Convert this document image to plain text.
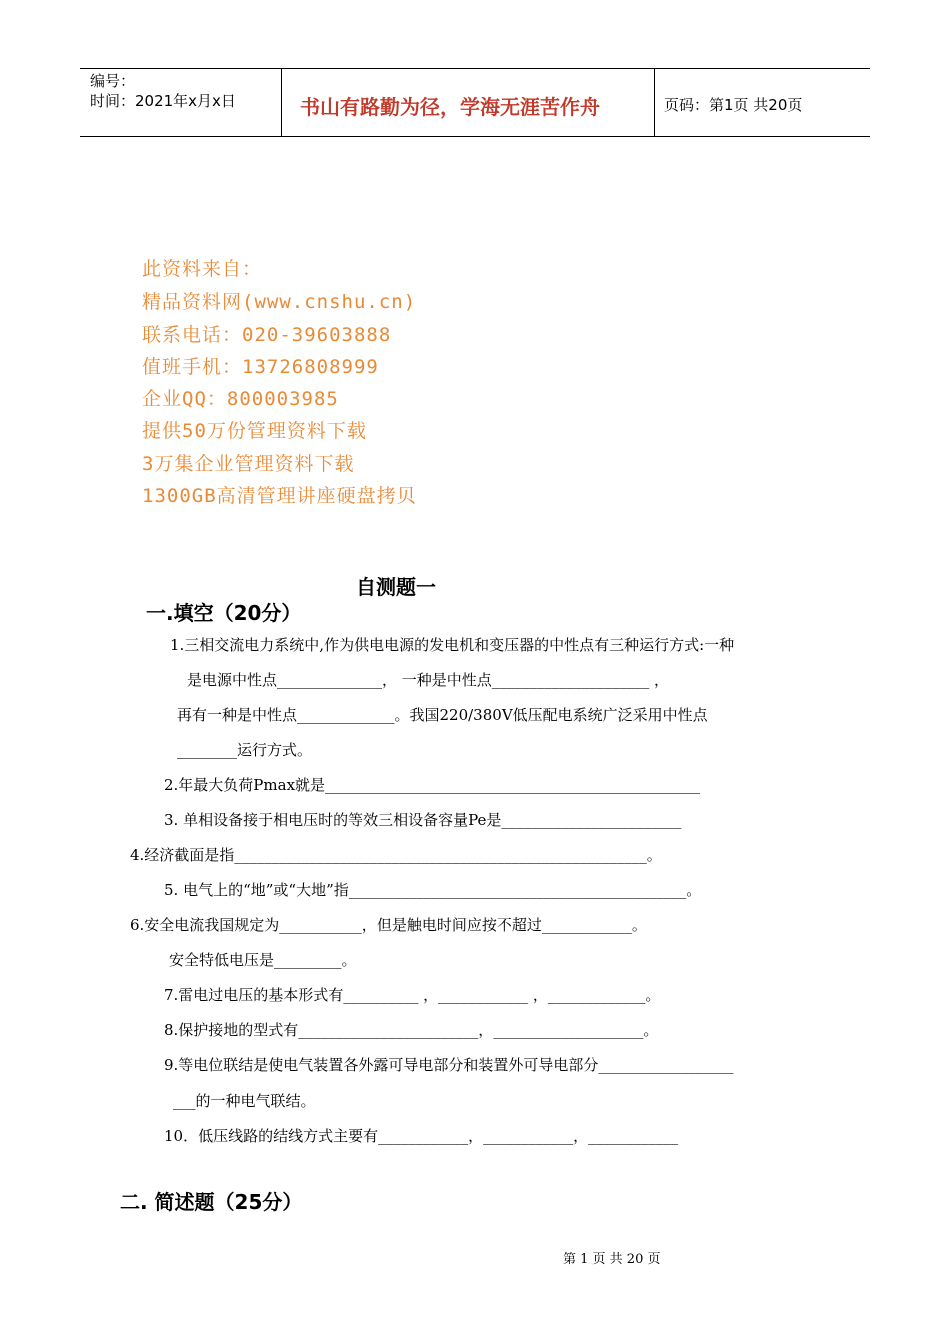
编号：
时间：2021年x月x日	书山有路勤为径，学海无涯苦作舟	页码：第1页 共20页
此资料来自：
精品资料网(www.cnshu.cn)
联系电话：020-39603888
值班手机：13726808999
企业QQ：800003985
提供50万份管理资料下载
3万集企业管理资料下载
1300GB高清管理讲座硬盘拷贝
自测题一
一.填空（20分）
1.三相交流电力系统中,作为供电电源的发电机和变压器的中性点有三种运行方式:一种
是电源中性点______________， 一种是中性点_____________________ ，
再有一种是中性点_____________。我国220/380V低压配电系统广泛采用中性点
________运行方式。
2.年最大负荷Pmax就是__________________________________________________
3. 单相设备接于相电压时的等效三相设备容量Pe是________________________
4.经济截面是指_______________________________________________________。
5. 电气上的“地”或“大地”指_____________________________________________。
6.安全电流我国规定为___________，但是触电时间应按不超过____________。
安全特低电压是_________。
7.雷电过电压的基本形式有__________ ，____________ ，_____________。
8.保护接地的型式有________________________，____________________。
9.等电位联结是使电气装置各外露可导电部分和装置外可导电部分__________________
___的一种电气联结。
10．低压线路的结线方式主要有____________，____________，____________
二. 简述题（25分）
第 1 页 共 20 页
